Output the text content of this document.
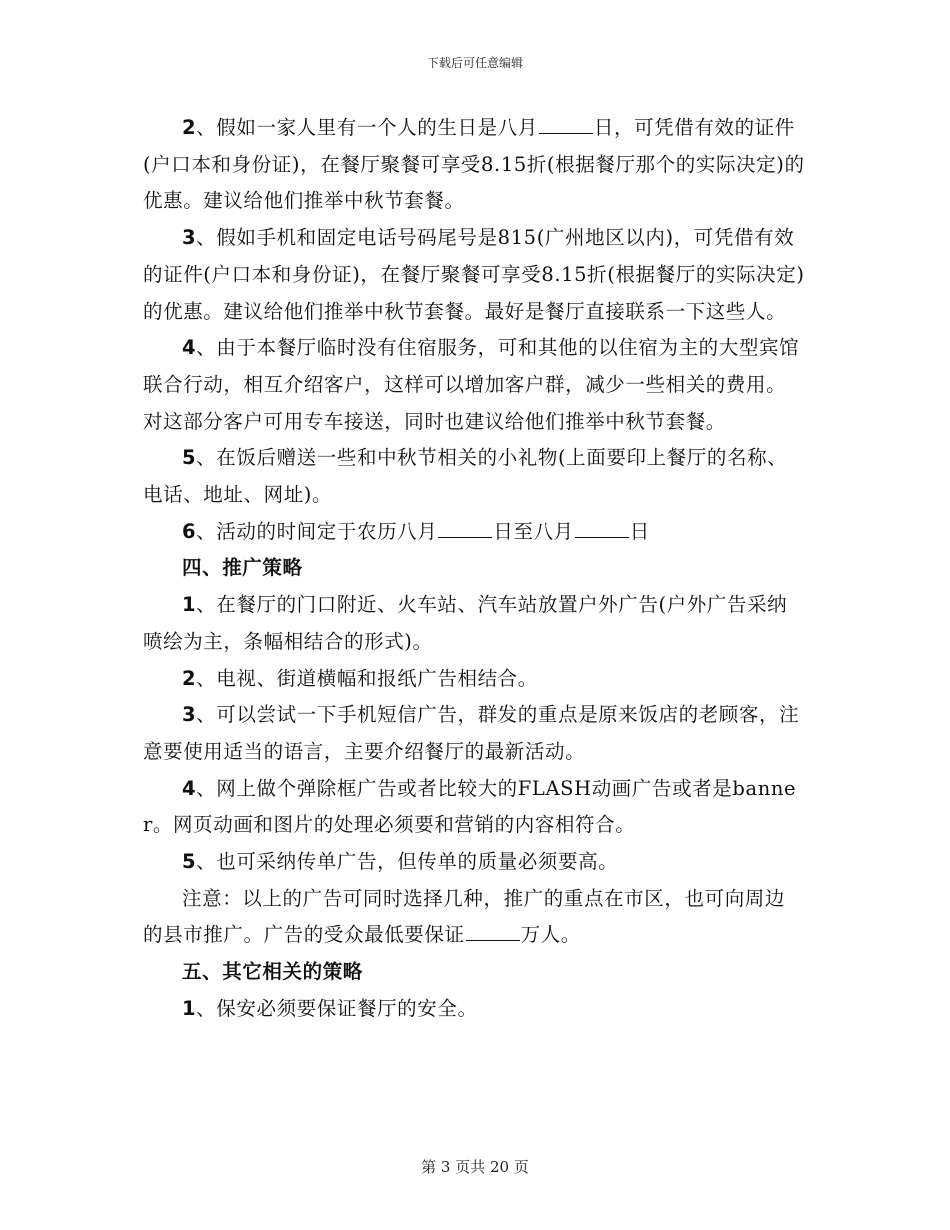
下载后可任意编辑

2、假如一家人里有一个人的生日是八月	日，可凭借有效的证件(户口本和身份证)，在餐厅聚餐可享受8.15折(根据餐厅那个的实际决定)的优惠。建议给他们推举中秋节套餐。

3、假如手机和固定电话号码尾号是815(广州地区以内)，可凭借有效的证件(户口本和身份证)，在餐厅聚餐可享受8.15折(根据餐厅的实际决定)的优惠。建议给他们推举中秋节套餐。最好是餐厅直接联系一下这些人。

4、由于本餐厅临时没有住宿服务，可和其他的以住宿为主的大型宾馆联合行动，相互介绍客户，这样可以增加客户群，减少一些相关的费用。对这部分客户可用专车接送，同时也建议给他们推举中秋节套餐。

5、在饭后赠送一些和中秋节相关的小礼物(上面要印上餐厅的名称、电话、地址、网址)。

6、活动的时间定于农历八月	日至八月	日

四、推广策略

1、在餐厅的门口附近、火车站、汽车站放置户外广告(户外广告采纳喷绘为主，条幅相结合的形式)。

2、电视、街道横幅和报纸广告相结合。

3、可以尝试一下手机短信广告，群发的重点是原来饭店的老顾客，注意要使用适当的语言，主要介绍餐厅的最新活动。

4、网上做个弹除框广告或者比较大的FLASH动画广告或者是banner。网页动画和图片的处理必须要和营销的内容相符合。

5、也可采纳传单广告，但传单的质量必须要高。

注意：以上的广告可同时选择几种，推广的重点在市区，也可向周边的县市推广。广告的受众最低要保证	万人。

五、其它相关的策略

1、保安必须要保证餐厅的安全。

第 3 页共 20 页
